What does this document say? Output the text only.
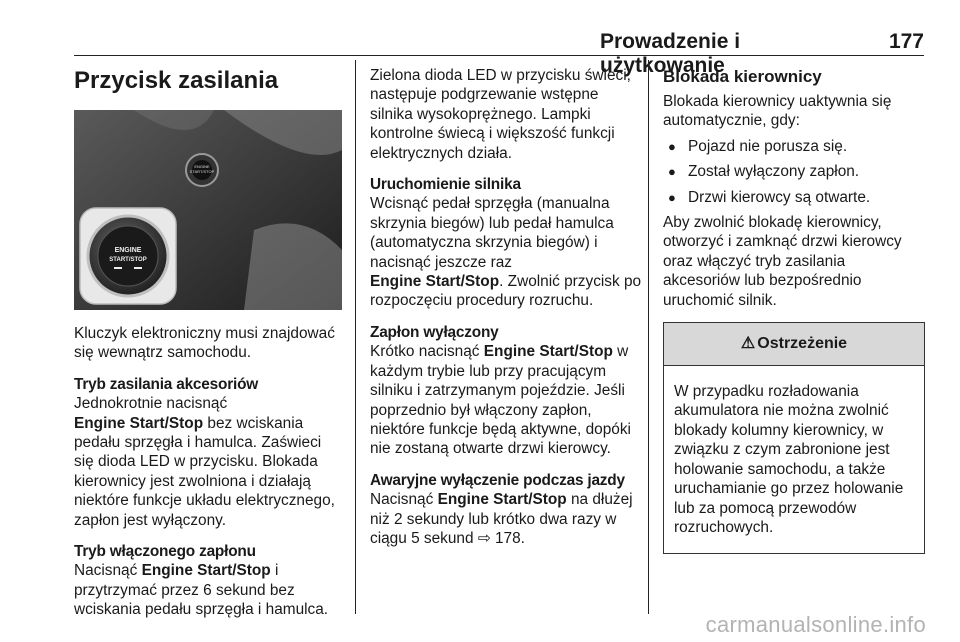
Prowadzenie i użytkowanie
177
Przycisk zasilania
ENGINE
START/STOP
ENGINE
START/STOP

Kluczyk elektroniczny musi znajdować się wewnątrz samochodu.

Tryb zasilania akcesoriów

Jednokrotnie nacisnąć
Engine Start/Stop bez wciskania pedału sprzęgła i hamulca. Zaświeci się dioda LED w przycisku. Blokada kierownicy jest zwolniona i działają niektóre funkcje układu elektrycznego, zapłon jest wyłączony.

Tryb włączonego zapłonu

Nacisnąć Engine Start/Stop i przytrzymać przez 6 sekund bez wciskania pedału sprzęgła i hamulca.

Zielona dioda LED w przycisku świeci, następuje podgrzewanie wstępne silnika wysokoprężnego. Lampki kontrolne świecą i większość funkcji elektrycznych działa.

Uruchomienie silnika

Wcisnąć pedał sprzęgła (manualna skrzynia biegów) lub pedał hamulca (automatyczna skrzynia biegów) i nacisnąć jeszcze raz
Engine Start/Stop. Zwolnić przycisk po rozpoczęciu procedury rozruchu.

Zapłon wyłączony

Krótko nacisnąć Engine Start/Stop w każdym trybie lub przy pracującym silniku i zatrzymanym pojeździe. Jeśli poprzednio był włączony zapłon, niektóre funkcje będą aktywne, dopóki nie zostaną otwarte drzwi kierowcy.

Awaryjne wyłączenie podczas jazdy

Nacisnąć Engine Start/Stop na dłużej niż 2 sekundy lub krótko dwa razy w ciągu 5 sekund ⇨ 178.

Blokada kierownicy

Blokada kierownicy uaktywnia się automatycznie, gdy:

● Pojazd nie porusza się.
● Został wyłączony zapłon.
● Drzwi kierowcy są otwarte.

Aby zwolnić blokadę kierownicy, otworzyć i zamknąć drzwi kierowcy oraz włączyć tryb zasilania akcesoriów lub bezpośrednio uruchomić silnik.

⚠ Ostrzeżenie
W przypadku rozładowania akumulatora nie można zwolnić blokady kolumny kierownicy, w związku z czym zabronione jest holowanie samochodu, a także uruchamianie go przez holowanie lub za pomocą przewodów rozruchowych.
carmanualsonline.info
